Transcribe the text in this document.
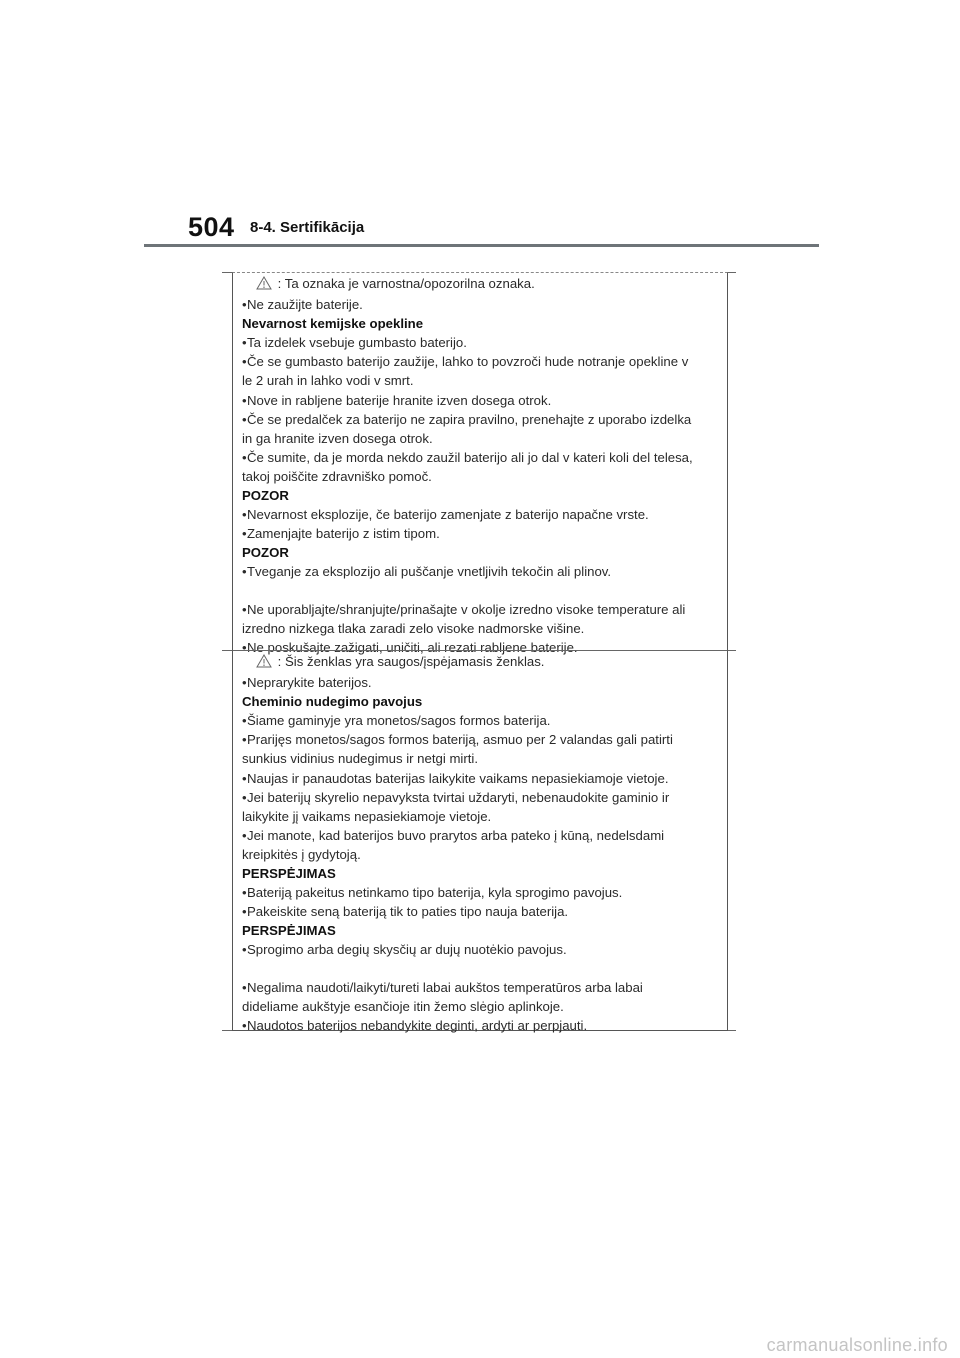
504 8-4. Sertifikācija
: Ta oznaka je varnostna/opozorilna oznaka.
•Ne zaužijte baterije.
Nevarnost kemijske opekline
•Ta izdelek vsebuje gumbasto baterijo.
•Če se gumbasto baterijo zaužije, lahko to povzroči hude notranje opekline v
le 2 urah in lahko vodi v smrt.
•Nove in rabljene baterije hranite izven dosega otrok.
•Če se predalček za baterijo ne zapira pravilno, prenehajte z uporabo izdelka
in ga hranite izven dosega otrok.
•Če sumite, da je morda nekdo zaužil baterijo ali jo dal v kateri koli del telesa,
takoj poiščite zdravniško pomoč.
POZOR
•Nevarnost eksplozije, če baterijo zamenjate z baterijo napačne vrste.
•Zamenjajte baterijo z istim tipom.
POZOR
•Tveganje za eksplozijo ali puščanje vnetljivih tekočin ali plinov.
•Ne uporabljajte/shranjujte/prinašajte v okolje izredno visoke temperature ali
izredno nizkega tlaka zaradi zelo visoke nadmorske višine.
•Ne poskušajte zažigati, uničiti, ali rezati rabljene baterije.
: Šis ženklas yra saugos/įspėjamasis ženklas.
•Neprarykite baterijos.
Cheminio nudegimo pavojus
•Šiame gaminyje yra monetos/sagos formos baterija.
•Prarijęs monetos/sagos formos bateriją, asmuo per 2 valandas gali patirti
sunkius vidinius nudegimus ir netgi mirti.
•Naujas ir panaudotas baterijas laikykite vaikams nepasiekiamoje vietoje.
•Jei baterijų skyrelio nepavyksta tvirtai uždaryti, nebenaudokite gaminio ir
laikykite jį vaikams nepasiekiamoje vietoje.
•Jei manote, kad baterijos buvo prarytos arba pateko į kūną, nedelsdami
kreipkitės į gydytoją.
PERSPĖJIMAS
•Bateriją pakeitus netinkamo tipo baterija, kyla sprogimo pavojus.
•Pakeiskite seną bateriją tik to paties tipo nauja baterija.
PERSPĖJIMAS
•Sprogimo arba degių skysčių ar dujų nuotėkio pavojus.
•Negalima naudoti/laikyti/tureti labai aukštos temperatūros arba labai
dideliame aukštyje esančioje itin žemo slėgio aplinkoje.
•Naudotos baterijos nebandykite deginti, ardyti ar perpjauti.
carmanualsonline.info
